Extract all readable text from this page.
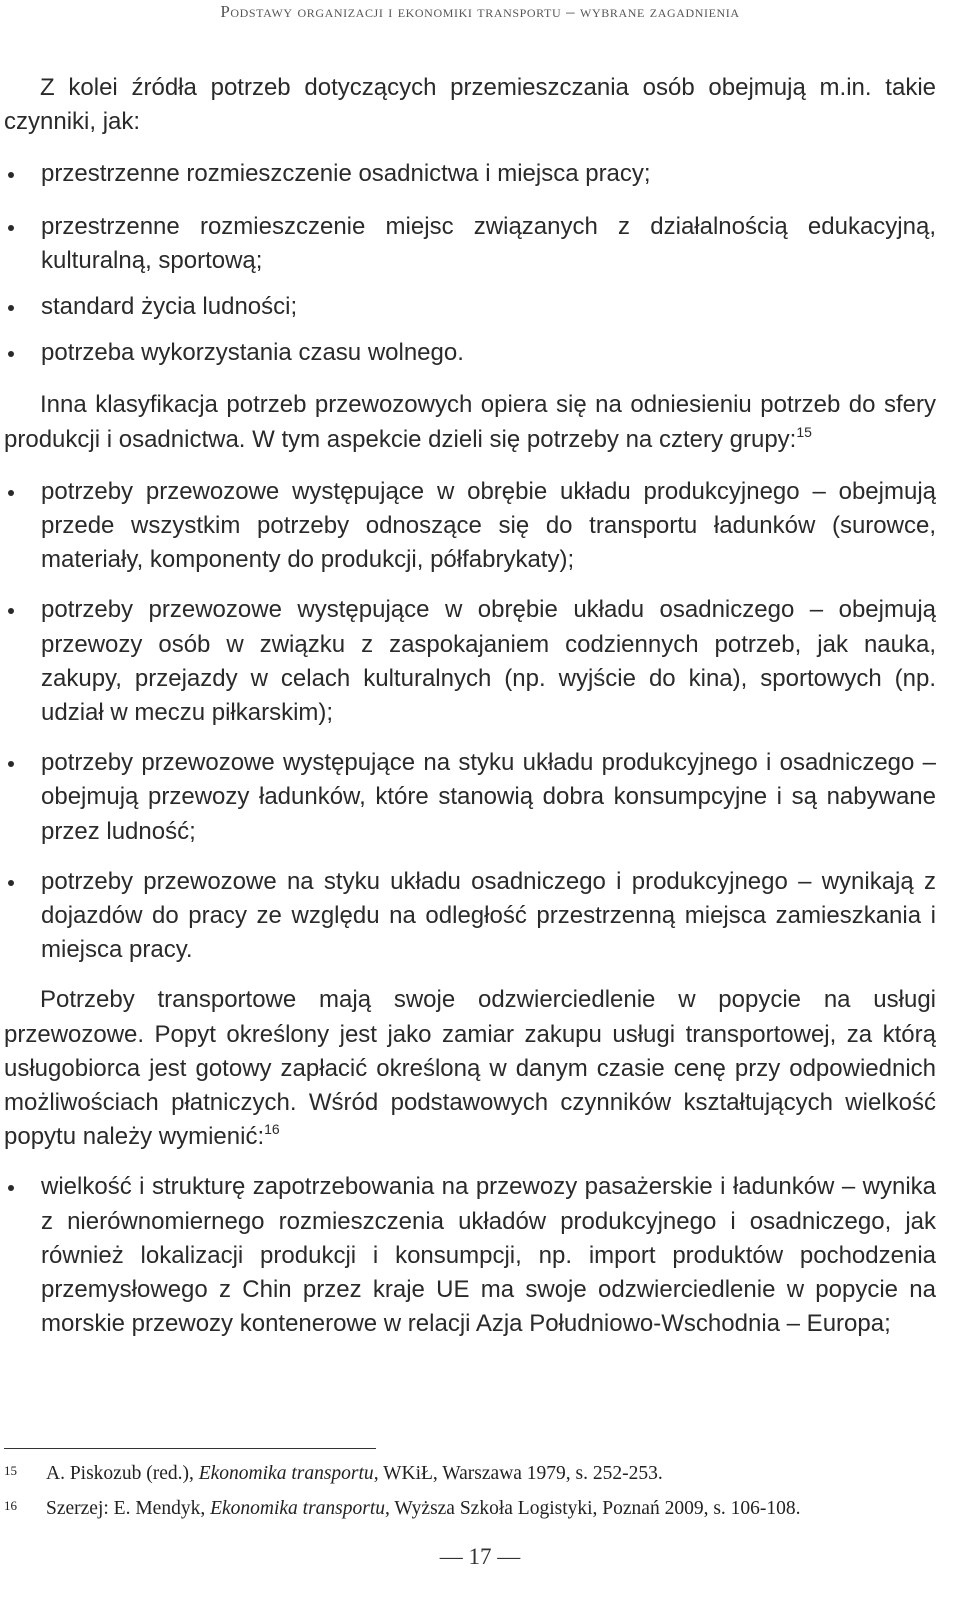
Podstawy organizacji i ekonomiki transportu – wybrane zagadnienia

Z kolei źródła potrzeb dotyczących przemieszczania osób obejmują m.in. takie czynniki, jak:

przestrzenne rozmieszczenie osadnictwa i miejsca pracy;
przestrzenne rozmieszczenie miejsc związanych z działalnością edukacyjną, kulturalną, sportową;
standard życia ludności;
potrzeba wykorzystania czasu wolnego.

Inna klasyfikacja potrzeb przewozowych opiera się na odniesieniu potrzeb do sfery produkcji i osadnictwa. W tym aspekcie dzieli się potrzeby na cztery grupy:$^{15}$

potrzeby przewozowe występujące w obrębie układu produkcyjnego – obejmują przede wszystkim potrzeby odnoszące się do transportu ładunków (surowce, materiały, komponenty do produkcji, półfabrykaty);
potrzeby przewozowe występujące w obrębie układu osadniczego – obejmują przewozy osób w związku z zaspokajaniem codziennych potrzeb, jak nauka, zakupy, przejazdy w celach kulturalnych (np. wyjście do kina), sportowych (np. udział w meczu piłkarskim);
potrzeby przewozowe występujące na styku układu produkcyjnego i osadniczego – obejmują przewozy ładunków, które stanowią dobra konsumpcyjne i są nabywane przez ludność;
potrzeby przewozowe na styku układu osadniczego i produkcyjnego – wynikają z dojazdów do pracy ze względu na odległość przestrzenną miejsca zamieszkania i miejsca pracy.

Potrzeby transportowe mają swoje odzwierciedlenie w popycie na usługi przewozowe. Popyt określony jest jako zamiar zakupu usługi transportowej, za którą usługobiorca jest gotowy zapłacić określoną w danym czasie cenę przy odpowiednich możliwościach płatniczych. Wśród podstawowych czynników kształtujących wielkość popytu należy wymienić:$^{16}$

wielkość i strukturę zapotrzebowania na przewozy pasażerskie i ładunków – wynika z nierównomiernego rozmieszczenia układów produkcyjnego i osadniczego, jak również lokalizacji produkcji i konsumpcji, np. import produktów pochodzenia przemysłowego z Chin przez kraje UE ma swoje odzwierciedlenie w popycie na morskie przewozy kontenerowe w relacji Azja Południowo-Wschodnia – Europa;
15 A. Piskozub (red.), Ekonomika transportu, WKiŁ, Warszawa 1979, s. 252-253.
16 Szerzej: E. Mendyk, Ekonomika transportu, Wyższa Szkoła Logistyki, Poznań 2009, s. 106-108.
— 17 —
